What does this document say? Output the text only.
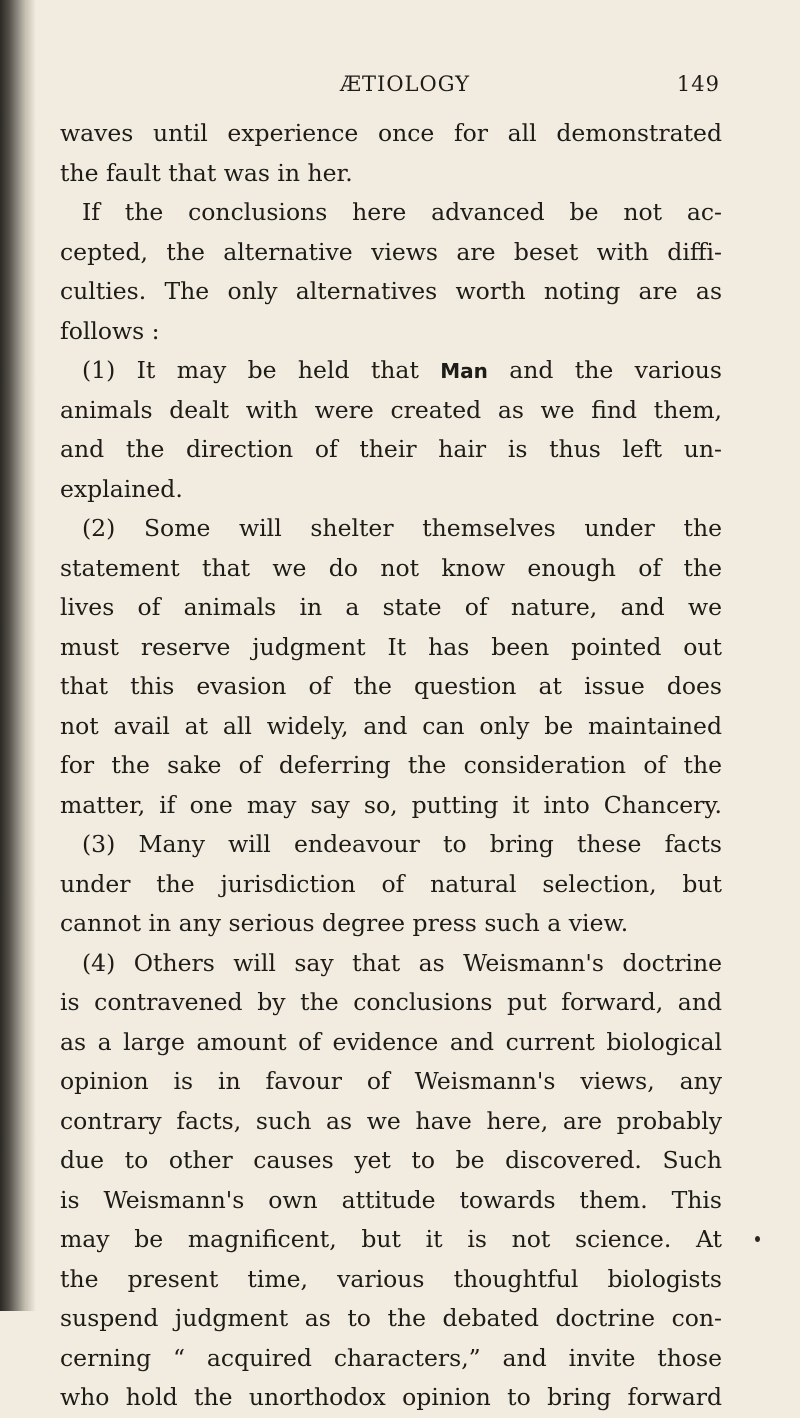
ÆTIOLOGY	149
waves until experience once for all demonstrated
the fault that was in her.
If the conclusions here advanced be not ac-
cepted, the alternative views are beset with diffi-
culties. The only alternatives worth noting are as
follows :
(1) It may be held that Man and the various
animals dealt with were created as we find them,
and the direction of their hair is thus left un-
explained.
(2) Some will shelter themselves under the
statement that we do not know enough of the
lives of animals in a state of nature, and we
must reserve judgment It has been pointed out
that this evasion of the question at issue does
not avail at all widely, and can only be maintained
for the sake of deferring the consideration of the
matter, if one may say so, putting it into Chancery.
(3) Many will endeavour to bring these facts
under the jurisdiction of natural selection, but
cannot in any serious degree press such a view.
(4) Others will say that as Weismann's doctrine
is contravened by the conclusions put forward, and
as a large amount of evidence and current biological
opinion is in favour of Weismann's views, any
contrary facts, such as we have here, are probably
due to other causes yet to be discovered. Such
is Weismann's own attitude towards them. This
may be magnificent, but it is not science. At
the present time, various thoughtful biologists
suspend judgment as to the debated doctrine con-
cerning “ acquired characters,” and invite those
who hold the unorthodox opinion to bring forward
